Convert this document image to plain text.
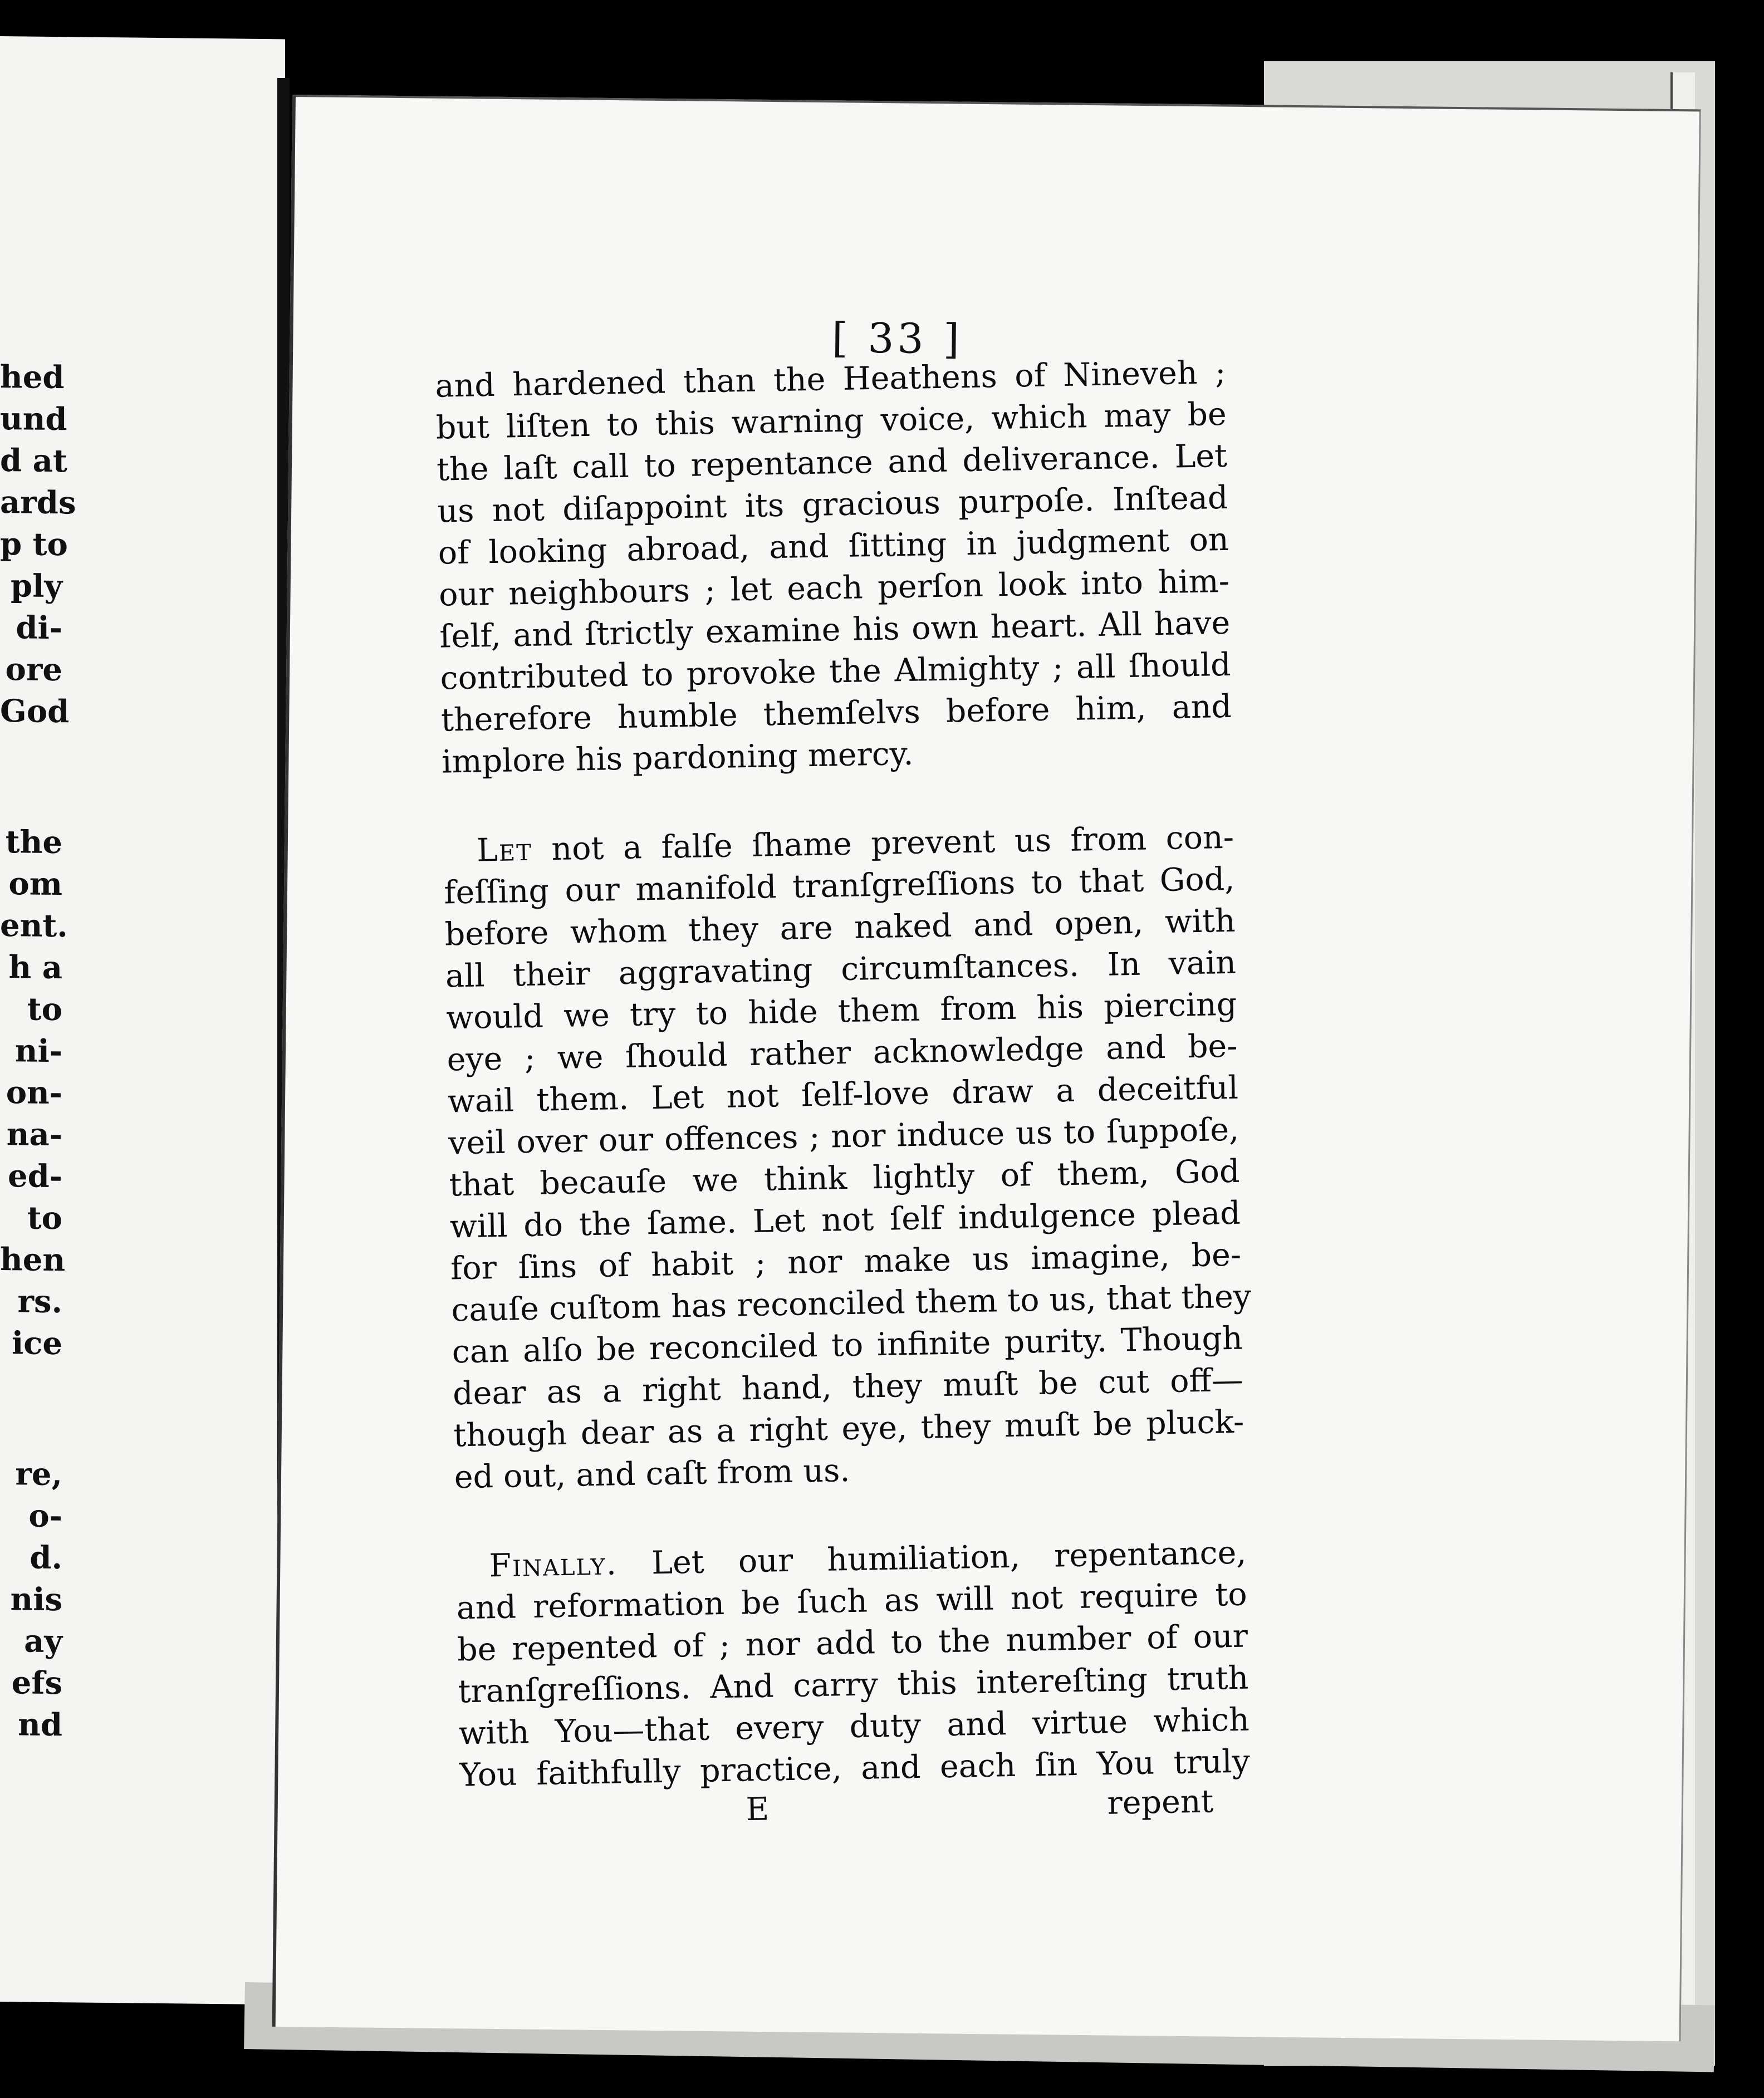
hed
und
d at
ards
p to
ply
di-
ore
God
the
om
ent.
h a
to
ni-
on-
na-
ed-
to
hen
rs.
ice
re,
o-
d.
nis
ay
efs
nd
[ 33 ]
and hardened than the Heathens of Nineveh ;
but liſten to this warning voice, which may be
the laſt call to repentance and deliverance. Let
us not diſappoint its gracious purpoſe. Inſtead
of looking abroad, and ſitting in judgment on
our neighbours ; let each perſon look into him-
ſelf, and ſtrictly examine his own heart. All have
contributed to provoke the Almighty ; all ſhould
therefore humble themſelvs before him, and
implore his pardoning mercy.
Let not a falſe ſhame prevent us from con-
feſſing our manifold tranſgreſſions to that God,
before whom they are naked and open, with
all their aggravating circumſtances. In vain
would we try to hide them from his piercing
eye ; we ſhould rather acknowledge and be-
wail them. Let not ſelf-love draw a deceitful
veil over our offences ; nor induce us to ſuppoſe,
that becauſe we think lightly of them, God
will do the ſame. Let not ſelf indulgence plead
for ſins of habit ; nor make us imagine, be-
cauſe cuſtom has reconciled them to us, that they
can alſo be reconciled to infinite purity. Though
dear as a right hand, they muſt be cut off—
though dear as a right eye, they muſt be pluck-
ed out, and caſt from us.
Finally. Let our humiliation, repentance,
and reformation be ſuch as will not require to
be repented of ; nor add to the number of our
tranſgreſſions. And carry this intereſting truth
with You—that every duty and virtue which
You faithfully practice, and each ſin You truly
E	repent
